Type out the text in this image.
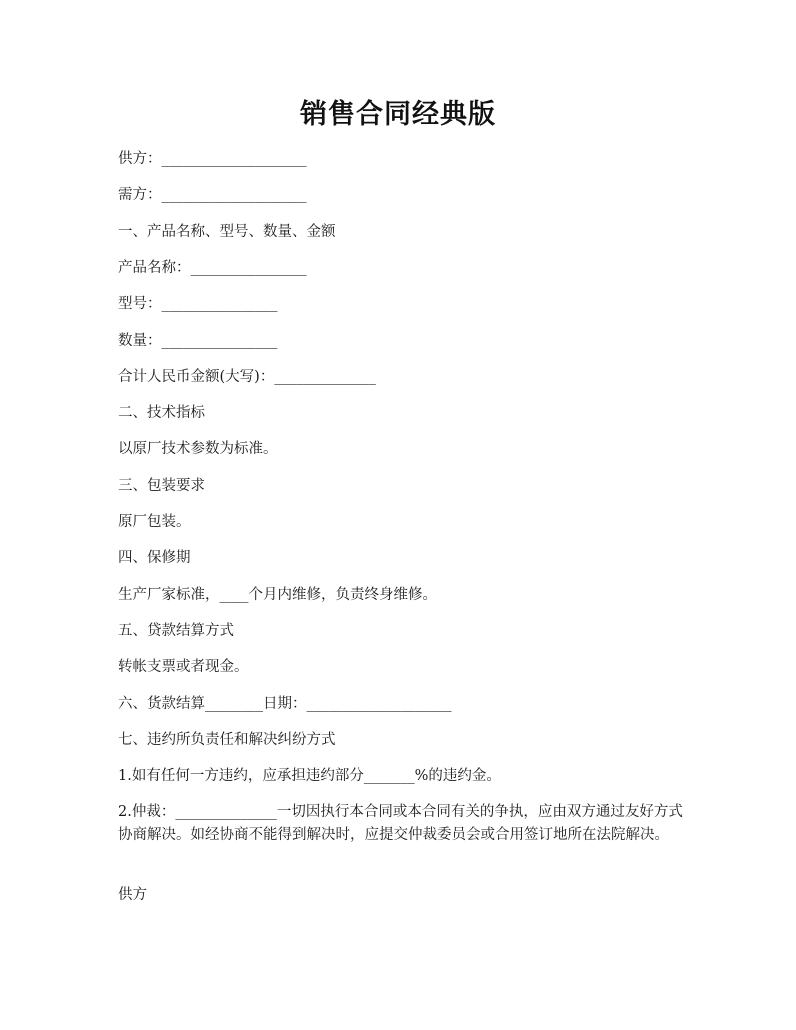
销售合同经典版
供方：____________________
需方：____________________
一、产品名称、型号、数量、金额
产品名称：________________
型号：________________
数量：________________
合计人民币金额(大写)：______________
二、技术指标
以原厂技术参数为标准。
三、包装要求
原厂包装。
四、保修期
生产厂家标准，____个月内维修，负责终身维修。
五、贷款结算方式
转帐支票或者现金。
六、货款结算________日期：____________________
七、违约所负责任和解决纠纷方式
1.如有任何一方违约，应承担违约部分_______%的违约金。
2.仲裁：______________一切因执行本合同或本合同有关的争执，应由双方通过友好方式协商解决。如经协商不能得到解决时，应提交仲裁委员会或合用签订地所在法院解决。
供方
